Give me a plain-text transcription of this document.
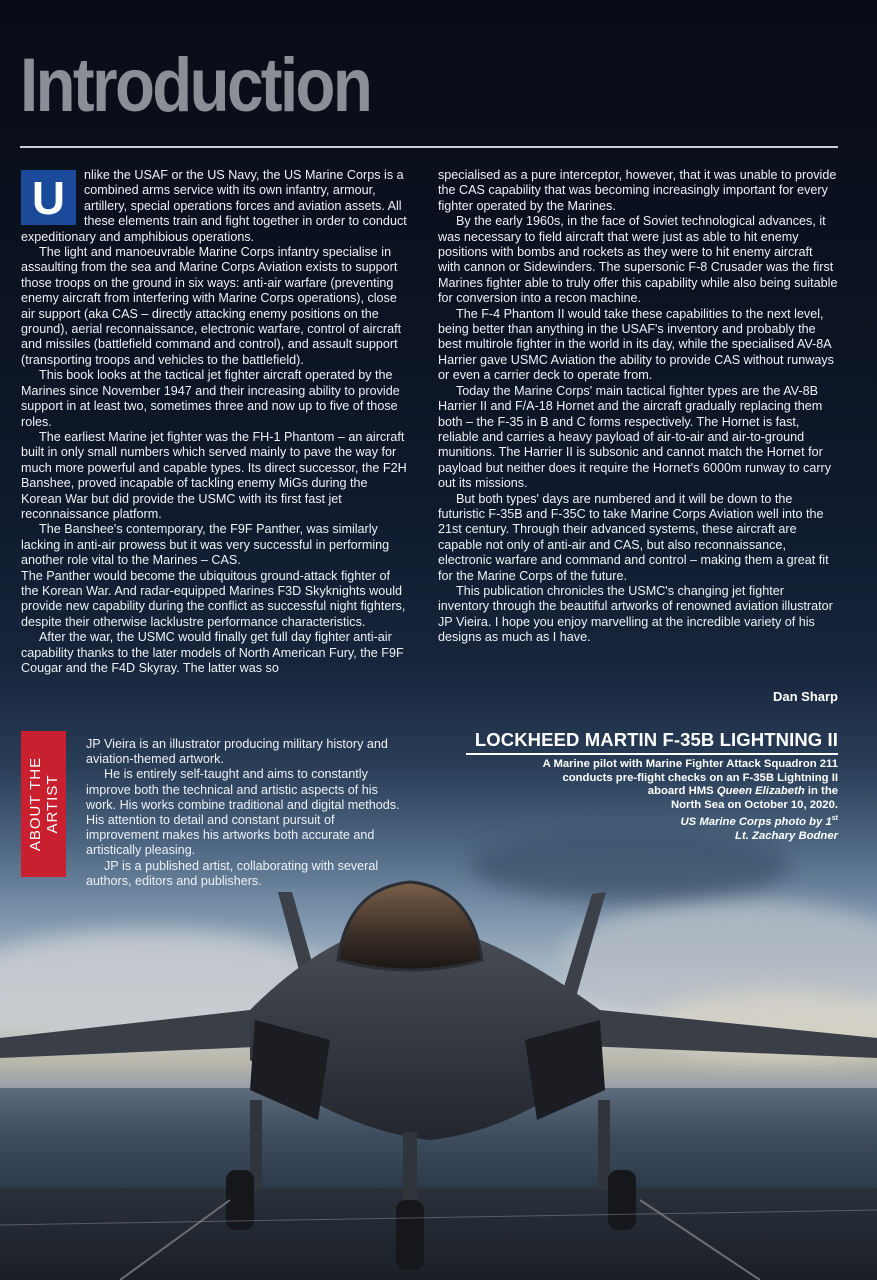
Introduction

U	nlike the USAF or the US Navy, the US Marine Corps is a combined arms service with its own infantry, armour, artillery, special operations forces and aviation assets. All these elements train and fight together in order to conduct expeditionary and amphibious operations.

The light and manoeuvrable Marine Corps infantry specialise in assaulting from the sea and Marine Corps Aviation exists to support those troops on the ground in six ways: anti-air warfare (preventing enemy aircraft from interfering with Marine Corps operations), close air support (aka CAS – directly attacking enemy positions on the ground), aerial reconnaissance, electronic warfare, control of aircraft and missiles (battlefield command and control), and assault support (transporting troops and vehicles to the battlefield).

This book looks at the tactical jet fighter aircraft operated by the Marines since November 1947 and their increasing ability to provide support in at least two, sometimes three and now up to five of those roles.

The earliest Marine jet fighter was the FH-1 Phantom – an aircraft built in only small numbers which served mainly to pave the way for much more powerful and capable types. Its direct successor, the F2H Banshee, proved incapable of tackling enemy MiGs during the Korean War but did provide the USMC with its first fast jet reconnaissance platform.

The Banshee's contemporary, the F9F Panther, was similarly lacking in anti-air prowess but it was very successful in performing another role vital to the Marines – CAS.

The Panther would become the ubiquitous ground-attack fighter of the Korean War. And radar-equipped Marines F3D Skyknights would provide new capability during the conflict as successful night fighters, despite their otherwise lacklustre performance characteristics.

After the war, the USMC would finally get full day fighter anti-air capability thanks to the later models of North American Fury, the F9F Cougar and the F4D Skyray. The latter was so

specialised as a pure interceptor, however, that it was unable to provide the CAS capability that was becoming increasingly important for every fighter operated by the Marines.

By the early 1960s, in the face of Soviet technological advances, it was necessary to field aircraft that were just as able to hit enemy positions with bombs and rockets as they were to hit enemy aircraft with cannon or Sidewinders. The supersonic F-8 Crusader was the first Marines fighter able to truly offer this capability while also being suitable for conversion into a recon machine.

The F-4 Phantom II would take these capabilities to the next level, being better than anything in the USAF's inventory and probably the best multirole fighter in the world in its day, while the specialised AV-8A Harrier gave USMC Aviation the ability to provide CAS without runways or even a carrier deck to operate from.

Today the Marine Corps' main tactical fighter types are the AV-8B Harrier II and F/A-18 Hornet and the aircraft gradually replacing them both – the F-35 in B and C forms respectively. The Hornet is fast, reliable and carries a heavy payload of air-to-air and air-to-ground munitions. The Harrier II is subsonic and cannot match the Hornet for payload but neither does it require the Hornet's 6000m runway to carry out its missions.

But both types' days are numbered and it will be down to the futuristic F-35B and F-35C to take Marine Corps Aviation well into the 21st century. Through their advanced systems, these aircraft are capable not only of anti-air and CAS, but also reconnaissance, electronic warfare and command and control – making them a great fit for the Marine Corps of the future.

This publication chronicles the USMC's changing jet fighter inventory through the beautiful artworks of renowned aviation illustrator JP Vieira. I hope you enjoy marvelling at the incredible variety of his designs as much as I have.

Dan Sharp
ABOUT THE ARTIST

JP Vieira is an illustrator producing military history and aviation-themed artwork.

He is entirely self-taught and aims to constantly improve both the technical and artistic aspects of his work. His works combine traditional and digital methods. His attention to detail and constant pursuit of improvement makes his artworks both accurate and artistically pleasing.

JP is a published artist, collaborating with several authors, editors and publishers.

LOCKHEED MARTIN F-35B LIGHTNING II
A Marine pilot with Marine Fighter Attack Squadron 211
conducts pre-flight checks on an F-35B Lightning II
aboard HMS Queen Elizabeth in the
North Sea on October 10, 2020.
US Marine Corps photo by 1st
Lt. Zachary Bodner
